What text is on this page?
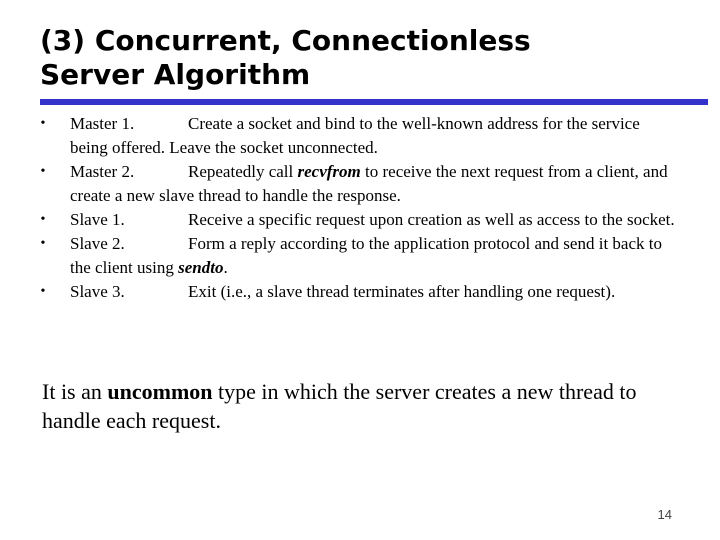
(3) Concurrent, Connectionless
Server Algorithm
•	Master 1.	Create a socket and bind to the well-known address for the service being offered. Leave the socket unconnected.
•	Master 2.	Repeatedly call recvfrom to receive the next request from a client, and create a new slave thread to handle the response.
•	Slave 1.	Receive a specific request upon creation as well as access to the socket.
•	Slave 2.	Form a reply according to the application protocol and send it back to the client using sendto.
•	Slave 3.	Exit (i.e., a slave thread terminates after handling one request).

It is an uncommon type in which the server creates a new thread to handle each request.

14
